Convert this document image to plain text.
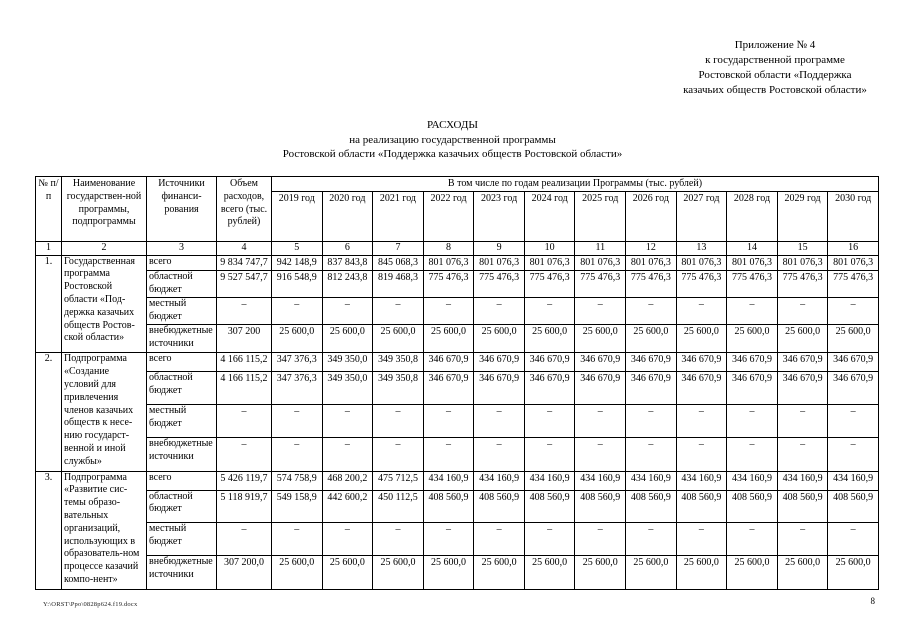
Приложение № 4
к государственной программе
Ростовской области «Поддержка
казачьих обществ Ростовской области»
РАСХОДЫ
на реализацию государственной программы
Ростовской области «Поддержка казачьих обществ Ростовской области»
№ п/п	Наименование государствен-ной программы, подпрограммы	Источники финанси-рования	Объем расходов, всего (тыс. рублей)	В том числе по годам реализации Программы (тыс. рублей)											
				2019 год	2020 год	2021 год	2022 год	2023 год	2024 год	2025 год	2026 год	2027 год	2028 год	2029 год	2030 год
1	2	3	4	5	6	7	8	9	10	11	12	13	14	15	16
1.	Государственная программа Ростовской области «Под-держка казачьих обществ Ростов-ской области»	всего	9 834 747,7	942 148,9	837 843,8	845 068,3	801 076,3	801 076,3	801 076,3	801 076,3	801 076,3	801 076,3	801 076,3	801 076,3	801 076,3
		областной бюджет	9 527 547,7	916 548,9	812 243,8	819 468,3	775 476,3	775 476,3	775 476,3	775 476,3	775 476,3	775 476,3	775 476,3	775 476,3	775 476,3
		местный бюджет	–	–	–	–	–	–	–	–	–	–	–	–	–
		внебюджетные источники	307 200	25 600,0	25 600,0	25 600,0	25 600,0	25 600,0	25 600,0	25 600,0	25 600,0	25 600,0	25 600,0	25 600,0	25 600,0
2.	Подпрограмма «Создание условий для привлечения членов казачьих обществ к несе-нию государст-венной и иной службы»	всего	4 166 115,2	347 376,3	349 350,0	349 350,8	346 670,9	346 670,9	346 670,9	346 670,9	346 670,9	346 670,9	346 670,9	346 670,9	346 670,9
		областной бюджет	4 166 115,2	347 376,3	349 350,0	349 350,8	346 670,9	346 670,9	346 670,9	346 670,9	346 670,9	346 670,9	346 670,9	346 670,9	346 670,9
		местный бюджет	–	–	–	–	–	–	–	–	–	–	–	–	–
		внебюджетные источники	–	–	–	–	–	–	–	–	–	–	–	–	–
3.	Подпрограмма «Развитие сис-темы образо-вательных организаций, использующих в образователь-ном процессе казачий компо-нент»	всего	5 426 119,7	574 758,9	468 200,2	475 712,5	434 160,9	434 160,9	434 160,9	434 160,9	434 160,9	434 160,9	434 160,9	434 160,9	434 160,9
		областной бюджет	5 118 919,7	549 158,9	442 600,2	450 112,5	408 560,9	408 560,9	408 560,9	408 560,9	408 560,9	408 560,9	408 560,9	408 560,9	408 560,9
		местный бюджет	–	–	–	–	–	–	–	–	–	–	–	–	–
		внебюджетные источники	307 200,0	25 600,0	25 600,0	25 600,0	25 600,0	25 600,0	25 600,0	25 600,0	25 600,0	25 600,0	25 600,0	25 600,0	25 600,0
Y:\ORST\Ppo\0828p624.f19.docx	8
